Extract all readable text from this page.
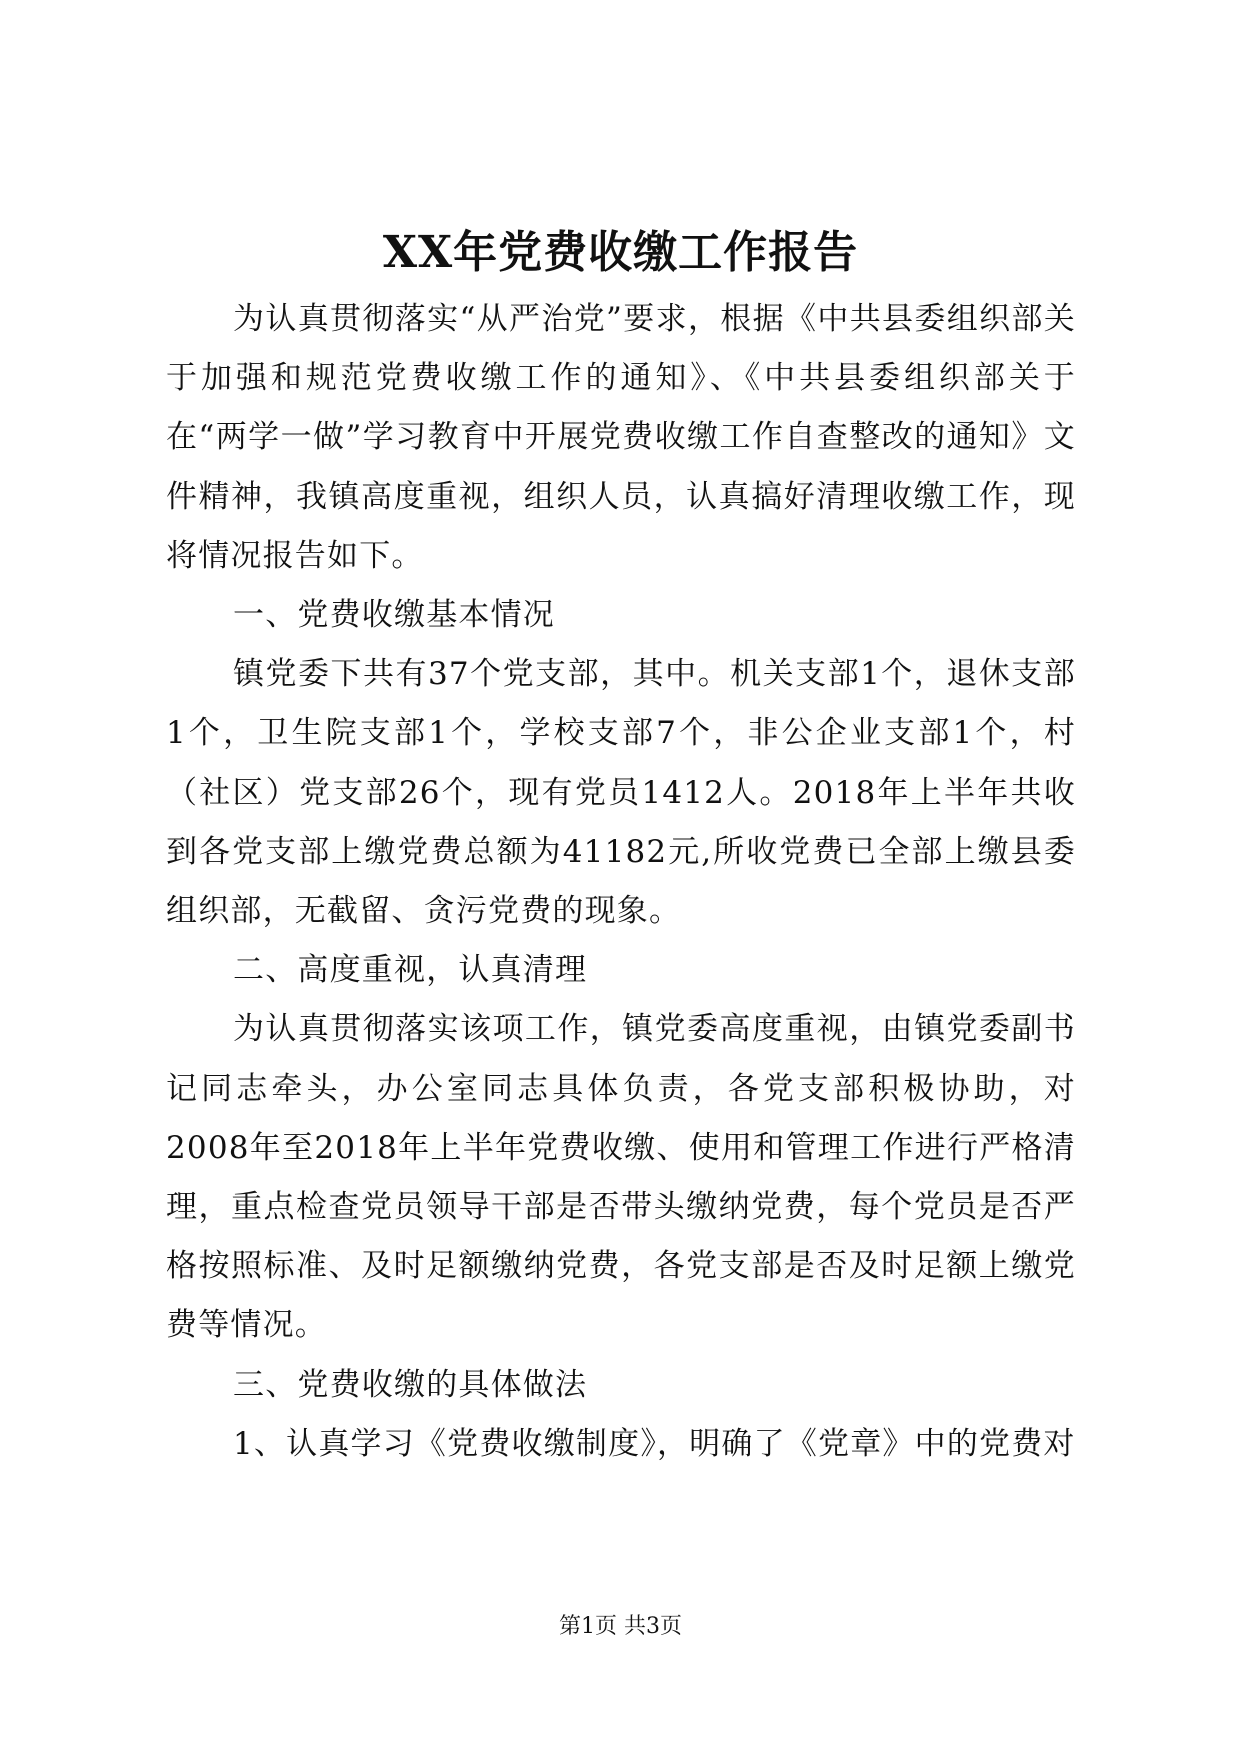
XX年党费收缴工作报告

为认真贯彻落实“从严治党”要求，根据《中共县委组织部关于加强和规范党费收缴工作的通知》、《中共县委组织部关于在“两学一做”学习教育中开展党费收缴工作自查整改的通知》文件精神，我镇高度重视，组织人员，认真搞好清理收缴工作，现将情况报告如下。

一、党费收缴基本情况

镇党委下共有37个党支部，其中。机关支部1个，退休支部1个，卫生院支部1个，学校支部7个，非公企业支部1个，村（社区）党支部26个，现有党员1412人。2018年上半年共收到各党支部上缴党费总额为41182元,所收党费已全部上缴县委组织部，无截留、贪污党费的现象。

二、高度重视，认真清理

为认真贯彻落实该项工作，镇党委高度重视，由镇党委副书记同志牵头，办公室同志具体负责，各党支部积极协助，对2008年至2018年上半年党费收缴、使用和管理工作进行严格清理，重点检查党员领导干部是否带头缴纳党费，每个党员是否严格按照标准、及时足额缴纳党费，各党支部是否及时足额上缴党费等情况。

三、党费收缴的具体做法

1、认真学习《党费收缴制度》，明确了《党章》中的党费对

第1页 共3页
